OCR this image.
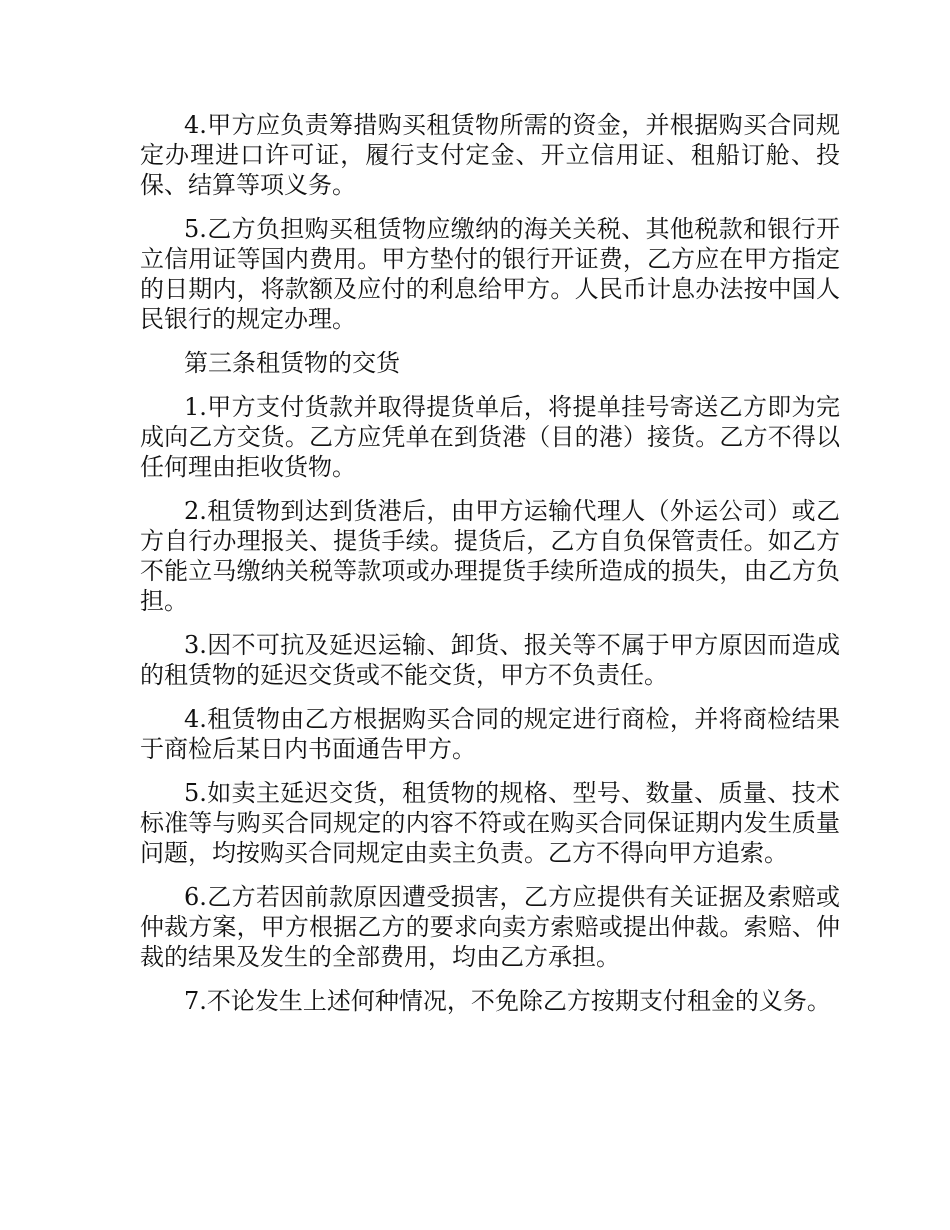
4.甲方应负责筹措购买租赁物所需的资金，并根据购买合同规定办理进口许可证，履行支付定金、开立信用证、租船订舱、投保、结算等项义务。

5.乙方负担购买租赁物应缴纳的海关关税、其他税款和银行开立信用证等国内费用。甲方垫付的银行开证费，乙方应在甲方指定的日期内，将款额及应付的利息给甲方。人民币计息办法按中国人民银行的规定办理。

第三条租赁物的交货

1.甲方支付货款并取得提货单后，将提单挂号寄送乙方即为完成向乙方交货。乙方应凭单在到货港（目的港）接货。乙方不得以任何理由拒收货物。

2.租赁物到达到货港后，由甲方运输代理人（外运公司）或乙方自行办理报关、提货手续。提货后，乙方自负保管责任。如乙方不能立马缴纳关税等款项或办理提货手续所造成的损失，由乙方负担。

3.因不可抗及延迟运输、卸货、报关等不属于甲方原因而造成的租赁物的延迟交货或不能交货，甲方不负责任。

4.租赁物由乙方根据购买合同的规定进行商检，并将商检结果于商检后某日内书面通告甲方。

5.如卖主延迟交货，租赁物的规格、型号、数量、质量、技术标准等与购买合同规定的内容不符或在购买合同保证期内发生质量问题，均按购买合同规定由卖主负责。乙方不得向甲方追索。

6.乙方若因前款原因遭受损害，乙方应提供有关证据及索赔或仲裁方案，甲方根据乙方的要求向卖方索赔或提出仲裁。索赔、仲裁的结果及发生的全部费用，均由乙方承担。

7.不论发生上述何种情况，不免除乙方按期支付租金的义务。
